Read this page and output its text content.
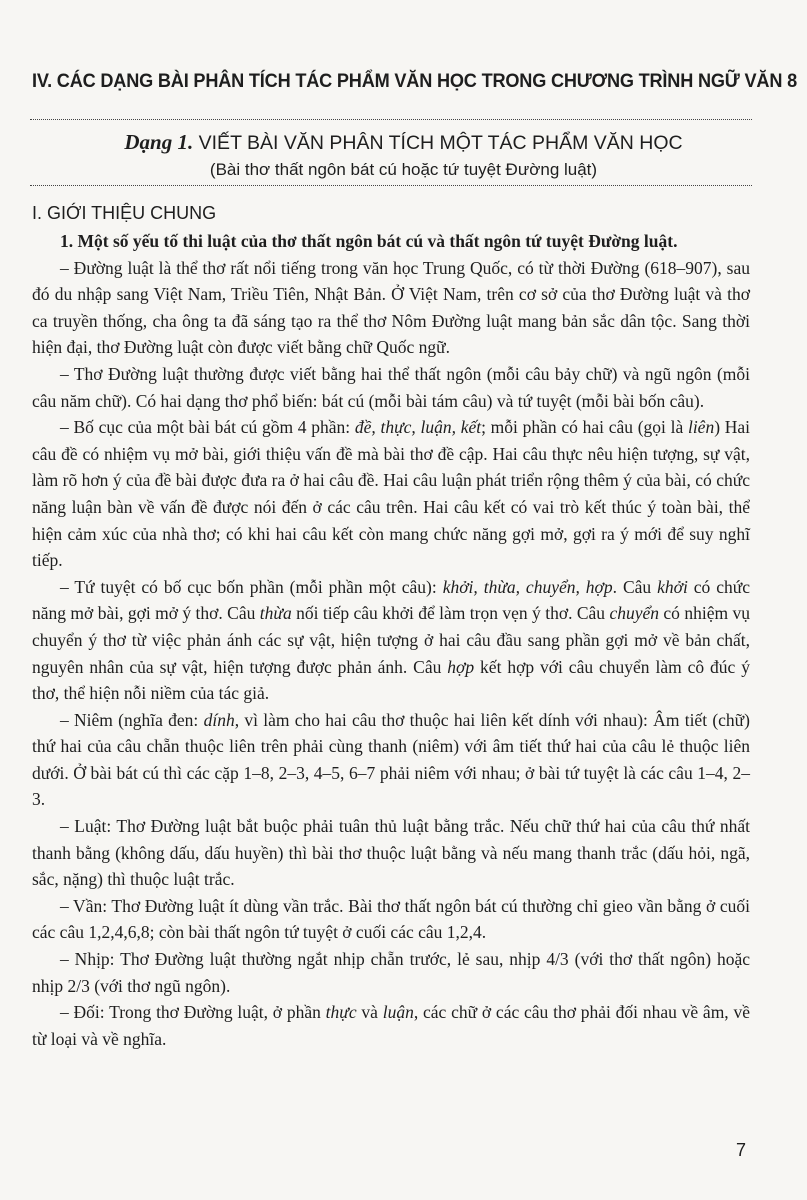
IV. CÁC DẠNG BÀI PHÂN TÍCH TÁC PHẨM VĂN HỌC TRONG CHƯƠNG TRÌNH NGỮ VĂN 8
Dạng 1. VIẾT BÀI VĂN PHÂN TÍCH MỘT TÁC PHẨM VĂN HỌC
(Bài thơ thất ngôn bát cú hoặc tứ tuyệt Đường luật)
I. GIỚI THIỆU CHUNG

1. Một số yếu tố thi luật của thơ thất ngôn bát cú và thất ngôn tứ tuyệt Đường luật.

– Đường luật là thể thơ rất nổi tiếng trong văn học Trung Quốc, có từ thời Đường (618–907), sau đó du nhập sang Việt Nam, Triều Tiên, Nhật Bản. Ở Việt Nam, trên cơ sở của thơ Đường luật và thơ ca truyền thống, cha ông ta đã sáng tạo ra thể thơ Nôm Đường luật mang bản sắc dân tộc. Sang thời hiện đại, thơ Đường luật còn được viết bằng chữ Quốc ngữ.

– Thơ Đường luật thường được viết bằng hai thể thất ngôn (mỗi câu bảy chữ) và ngũ ngôn (mỗi câu năm chữ). Có hai dạng thơ phổ biến: bát cú (mỗi bài tám câu) và tứ tuyệt (mỗi bài bốn câu).

– Bố cục của một bài bát cú gồm 4 phần: đề, thực, luận, kết; mỗi phần có hai câu (gọi là liên) Hai câu đề có nhiệm vụ mở bài, giới thiệu vấn đề mà bài thơ đề cập. Hai câu thực nêu hiện tượng, sự vật, làm rõ hơn ý của đề bài được đưa ra ở hai câu đề. Hai câu luận phát triển rộng thêm ý của bài, có chức năng luận bàn về vấn đề được nói đến ở các câu trên. Hai câu kết có vai trò kết thúc ý toàn bài, thể hiện cảm xúc của nhà thơ; có khi hai câu kết còn mang chức năng gợi mở, gợi ra ý mới để suy nghĩ tiếp.

– Tứ tuyệt có bố cục bốn phần (mỗi phần một câu): khởi, thừa, chuyển, hợp. Câu khởi có chức năng mở bài, gợi mở ý thơ. Câu thừa nối tiếp câu khởi để làm trọn vẹn ý thơ. Câu chuyển có nhiệm vụ chuyển ý thơ từ việc phản ánh các sự vật, hiện tượng ở hai câu đầu sang phần gợi mở về bản chất, nguyên nhân của sự vật, hiện tượng được phản ánh. Câu hợp kết hợp với câu chuyển làm cô đúc ý thơ, thể hiện nỗi niềm của tác giả.

– Niêm (nghĩa đen: dính, vì làm cho hai câu thơ thuộc hai liên kết dính với nhau): Âm tiết (chữ) thứ hai của câu chẵn thuộc liên trên phải cùng thanh (niêm) với âm tiết thứ hai của câu lẻ thuộc liên dưới. Ở bài bát cú thì các cặp 1–8, 2–3, 4–5, 6–7 phải niêm với nhau; ở bài tứ tuyệt là các câu 1–4, 2–3.

– Luật: Thơ Đường luật bắt buộc phải tuân thủ luật bằng trắc. Nếu chữ thứ hai của câu thứ nhất thanh bằng (không dấu, dấu huyền) thì bài thơ thuộc luật bằng và nếu mang thanh trắc (dấu hỏi, ngã, sắc, nặng) thì thuộc luật trắc.

– Vần: Thơ Đường luật ít dùng vần trắc. Bài thơ thất ngôn bát cú thường chỉ gieo vần bằng ở cuối các câu 1,2,4,6,8; còn bài thất ngôn tứ tuyệt ở cuối các câu 1,2,4.

– Nhịp: Thơ Đường luật thường ngắt nhịp chẵn trước, lẻ sau, nhịp 4/3 (với thơ thất ngôn) hoặc nhịp 2/3 (với thơ ngũ ngôn).

– Đối: Trong thơ Đường luật, ở phần thực và luận, các chữ ở các câu thơ phải đối nhau về âm, về từ loại và về nghĩa.

7
